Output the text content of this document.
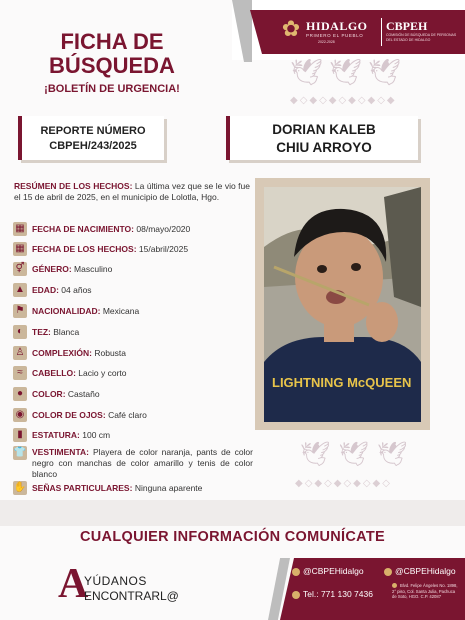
✿ HIDALGO
PRIMERO EL PUEBLO
2022-2028
CBPEH
COMISIÓN DE BÚSQUEDA DE PERSONAS DEL ESTADO DE HIDALGO
🕊🕊🕊
◆◇◆◇◆◇◆◇◆◇◆
🕊🕊🕊
◆◇◆◇◆◇◆◇◆◇
FICHA DE
BÚSQUEDA
¡BOLETÍN DE URGENCIA!
REPORTE NÚMERO
CBPEH/243/2025
DORIAN KALEB
CHIU ARROYO
RESÚMEN DE LOS HECHOS: La última vez que se le vio fue el 15 de abril de 2025, en el municipio de Lolotla, Hgo.
▦ FECHA DE NACIMIENTO: 08/mayo/2020
▦ FECHA DE LOS HECHOS: 15/abril/2025
⚥ GÉNERO: Masculino
▲ EDAD: 04 años
⚑ NACIONALIDAD: Mexicana
◐	TEZ: Blanca
♙ COMPLEXIÓN: Robusta
≈	CABELLO: Lacio y corto
●	COLOR: Castaño
◉ COLOR DE OJOS: Café claro
▮	ESTATURA: 100 cm
👕 VESTIMENTA: Playera de color naranja, pants de color negro con manchas de color amarillo y tenis de color blanco
✋ SEÑAS PARTICULARES: Ninguna aparente
LIGHTNING McQUEEN
CUALQUIER INFORMACIÓN COMUNÍCATE
A
YÚDANOS
ENCONTRARL@
@CBPEHidalgo	@CBPEHidalgo
Tel.: 771 130 7436
Blvd. Felipe Ángeles No. 1898, 2° piso, Col. Santa Julia, Pachuca de Soto, HGO. C.P. 42087
